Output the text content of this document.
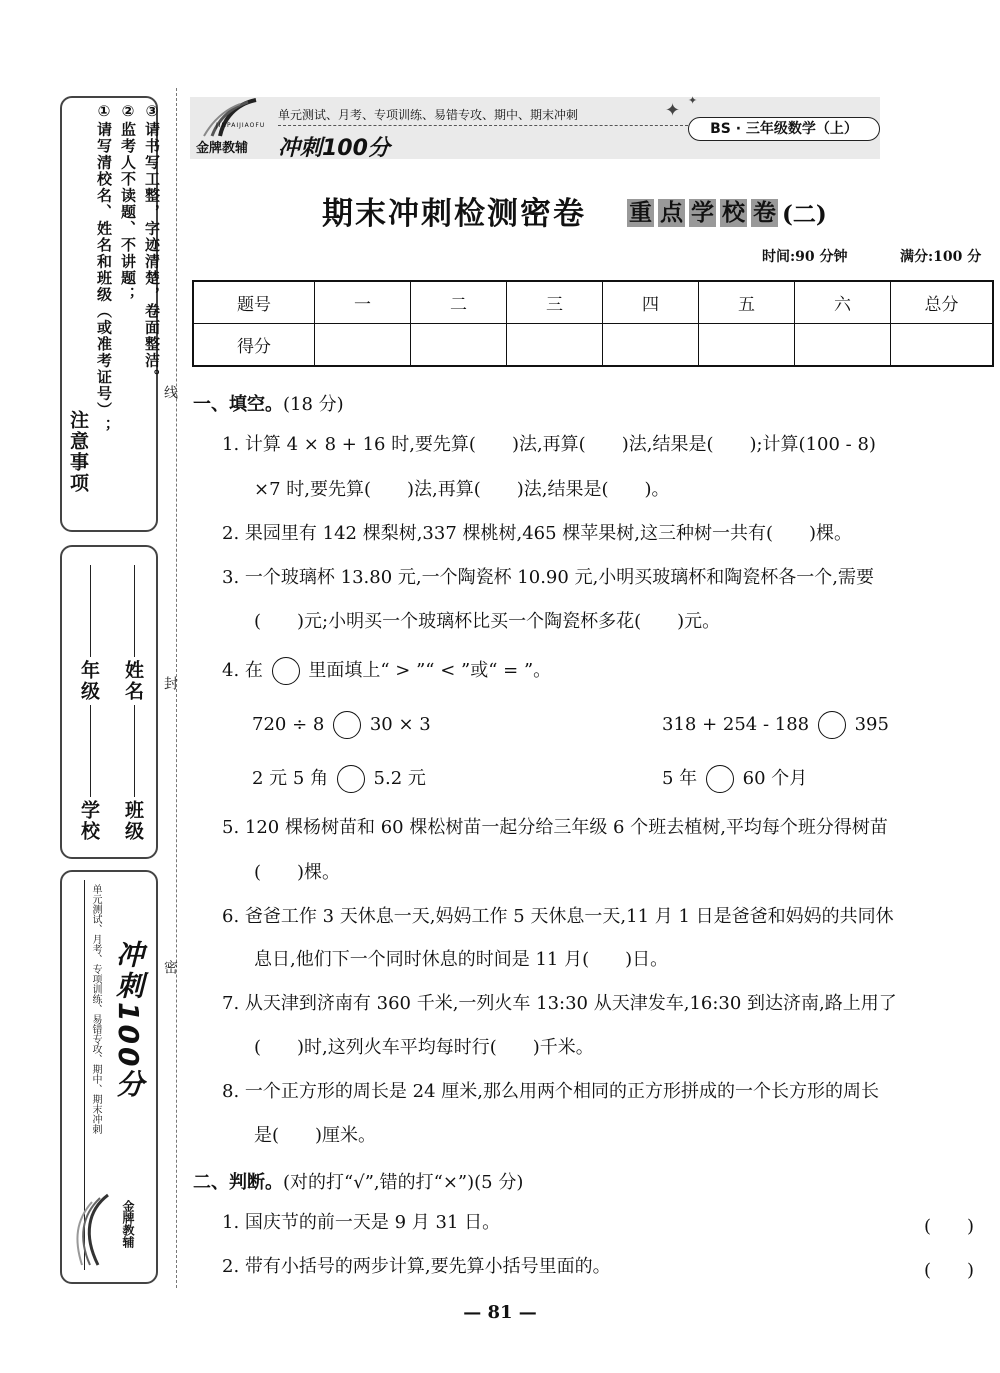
注意事项
①请写清校名、姓名和班级（或准考证号）； ②监考人不读题、不讲题； ③请书写工整，字迹清楚，卷面整洁。
学校
年级
班级
姓名
单元测试、月考、专项训练、易错专攻、期中、期末冲刺 冲刺100分
金牌教辅
线
封
密
JINPAIJIAOFU
金牌教辅 冲刺100分
单元测试、月考、专项训练、易错专攻、期中、期末冲刺	✦ ✦
BS · 三年级数学（上）
期末冲刺检测密卷 重 点 学 校 卷 (二)
时间:90 分钟	满分:100 分
题号	一	二	三	四	五	六	总分
得分							
一、填空。(18 分)
1. 计算 4 × 8 + 16 时,要先算(　　)法,再算(　　)法,结果是(　　);计算(100 - 8)
×7 时,要先算(　　)法,再算(　　)法,结果是(　　)。
2. 果园里有 142 棵梨树,337 棵桃树,465 棵苹果树,这三种树一共有(　　)棵。
3. 一个玻璃杯 13.80 元,一个陶瓷杯 10.90 元,小明买玻璃杯和陶瓷杯各一个,需要
(　　)元;小明买一个玻璃杯比买一个陶瓷杯多花(　　)元。
4. 在	里面填上“ > ”“ < ”或“ = ”。
720 ÷ 8	30 × 3	318 + 254 - 188	395
2 元 5 角	5.2 元	5 年	60 个月
5. 120 棵杨树苗和 60 棵松树苗一起分给三年级 6 个班去植树,平均每个班分得树苗
(　　)棵。
6. 爸爸工作 3 天休息一天,妈妈工作 5 天休息一天,11 月 1 日是爸爸和妈妈的共同休
息日,他们下一个同时休息的时间是 11 月(　　)日。
7. 从天津到济南有 360 千米,一列火车 13:30 从天津发车,16:30 到达济南,路上用了
(　　)时,这列火车平均每时行(　　)千米。
8. 一个正方形的周长是 24 厘米,那么用两个相同的正方形拼成的一个长方形的周长
是(　　)厘米。
二、判断。(对的打“√”,错的打“×”)(5 分)
1. 国庆节的前一天是 9 月 31 日。	(　　)
2. 带有小括号的两步计算,要先算小括号里面的。	(　　)
— 81 —
